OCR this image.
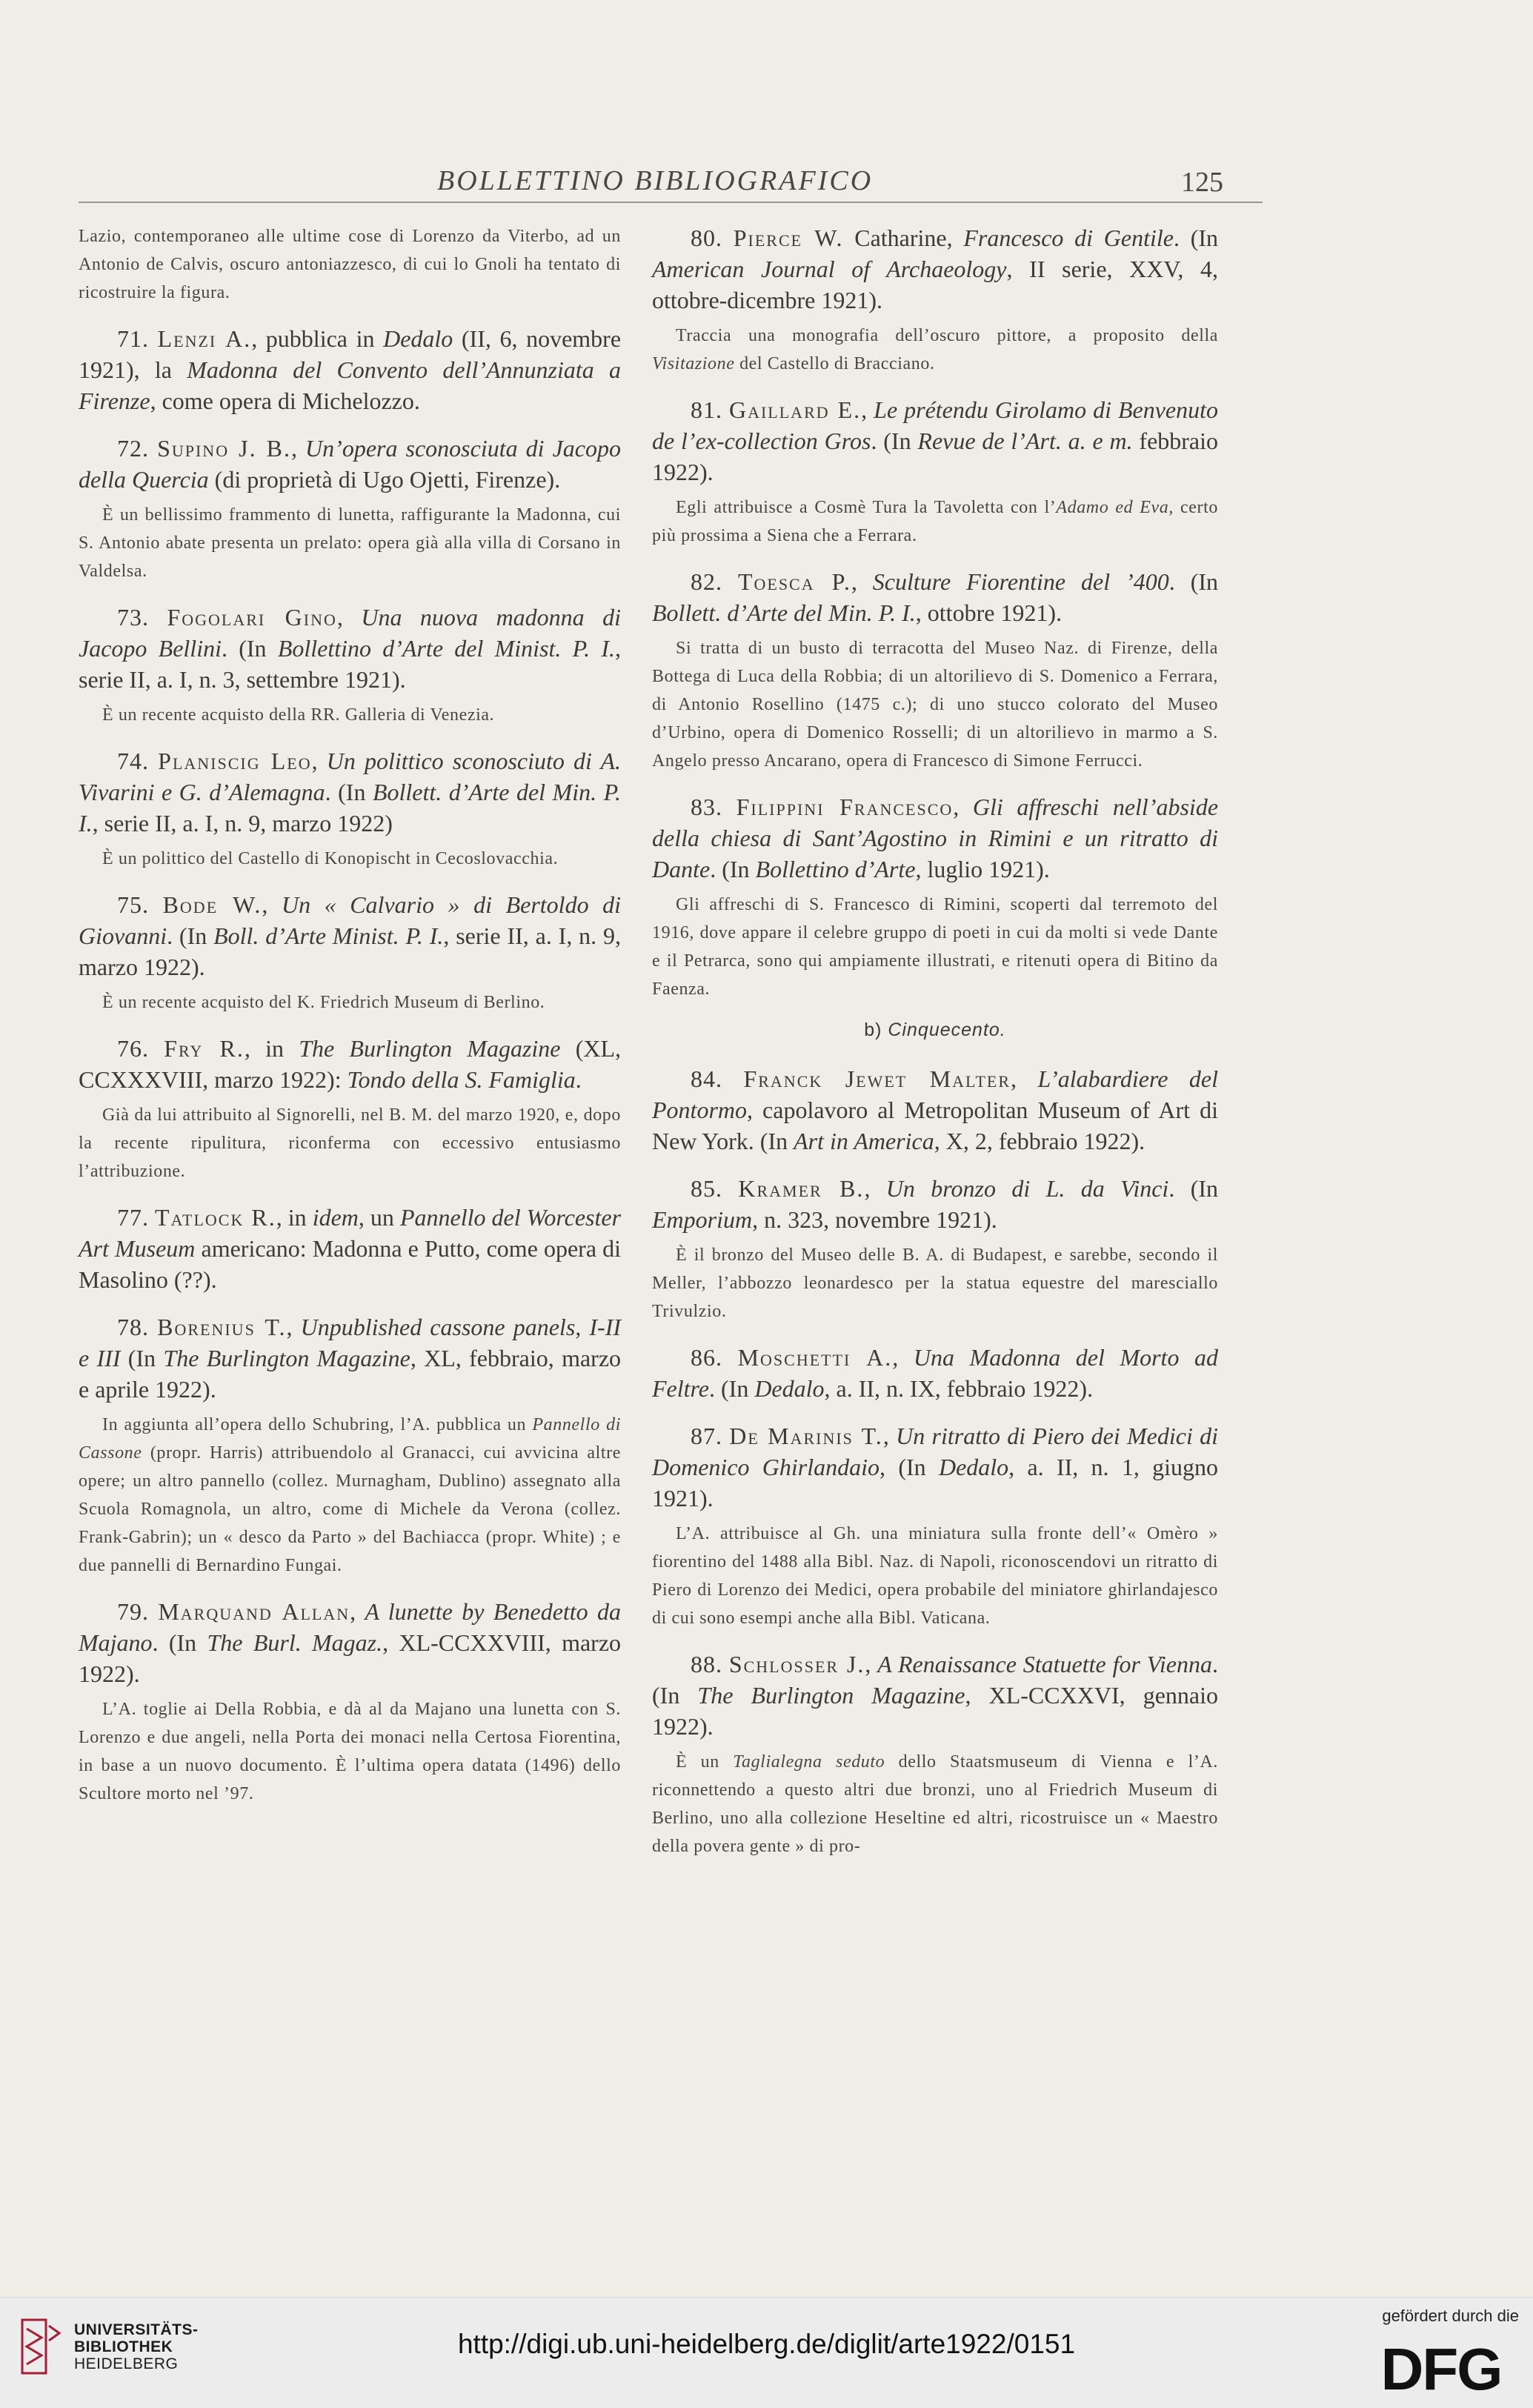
BOLLETTINO BIBLIOGRAFICO	125

Lazio, contemporaneo alle ultime cose di Lorenzo da Viterbo, ad un Antonio de Calvis, oscuro antoniazzesco, di cui lo Gnoli ha tentato di ricostruire la figura.

71. Lenzi A., pubblica in Dedalo (II, 6, novembre 1921), la Madonna del Convento dell’Annunziata a Firenze, come opera di Michelozzo.

72. Supino J. B., Un’opera sconosciuta di Jacopo della Quercia (di proprietà di Ugo Ojetti, Firenze).

È un bellissimo frammento di lunetta, raffigurante la Madonna, cui S. Antonio abate presenta un prelato: opera già alla villa di Corsano in Valdelsa.

73. Fogolari Gino, Una nuova madonna di Jacopo Bellini. (In Bollettino d’Arte del Minist. P. I., serie II, a. I, n. 3, settembre 1921).

È un recente acquisto della RR. Galleria di Venezia.

74. Planiscig Leo, Un polittico sconosciuto di A. Vivarini e G. d’Alemagna. (In Bollett. d’Arte del Min. P. I., serie II, a. I, n. 9, marzo 1922)

È un polittico del Castello di Konopischt in Cecoslovacchia.

75. Bode W., Un « Calvario » di Bertoldo di Giovanni. (In Boll. d’Arte Minist. P. I., serie II, a. I, n. 9, marzo 1922).

È un recente acquisto del K. Friedrich Museum di Berlino.

76. Fry R., in The Burlington Magazine (XL, CCXXXVIII, marzo 1922): Tondo della S. Famiglia.

Già da lui attribuito al Signorelli, nel B. M. del marzo 1920, e, dopo la recente ripulitura, riconferma con eccessivo entusiasmo l’attribuzione.

77. Tatlock R., in idem, un Pannello del Worcester Art Museum americano: Madonna e Putto, come opera di Masolino (??).

78. Borenius T., Unpublished cassone panels, I-II e III (In The Burlington Magazine, XL, febbraio, marzo e aprile 1922).

In aggiunta all’opera dello Schubring, l’A. pubblica un Pannello di Cassone (propr. Harris) attribuendolo al Granacci, cui avvicina altre opere; un altro pannello (collez. Murnagham, Dublino) assegnato alla Scuola Romagnola, un altro, come di Michele da Verona (collez. Frank-Gabrin); un « desco da Parto » del Bachiacca (propr. White) ; e due pannelli di Bernardino Fungai.

79. Marquand Allan, A lunette by Benedetto da Majano. (In The Burl. Magaz., XL-CCXXVIII, marzo 1922).

L’A. toglie ai Della Robbia, e dà al da Majano una lunetta con S. Lorenzo e due angeli, nella Porta dei monaci nella Certosa Fiorentina, in base a un nuovo documento. È l’ultima opera datata (1496) dello Scultore morto nel ’97.

80. Pierce W. Catharine, Francesco di Gentile. (In American Journal of Archaeology, II serie, XXV, 4, ottobre-dicembre 1921).

Traccia una monografia dell’oscuro pittore, a proposito della Visitazione del Castello di Bracciano.

81. Gaillard E., Le prétendu Girolamo di Benvenuto de l’ex-collection Gros. (In Revue de l’Art. a. e m. febbraio 1922).

Egli attribuisce a Cosmè Tura la Tavoletta con l’Adamo ed Eva, certo più prossima a Siena che a Ferrara.

82. Toesca P., Sculture Fiorentine del ’400. (In Bollett. d’Arte del Min. P. I., ottobre 1921).

Si tratta di un busto di terracotta del Museo Naz. di Firenze, della Bottega di Luca della Robbia; di un altorilievo di S. Domenico a Ferrara, di Antonio Rosellino (1475 c.); di uno stucco colorato del Museo d’Urbino, opera di Domenico Rosselli; di un altorilievo in marmo a S. Angelo presso Ancarano, opera di Francesco di Simone Ferrucci.

83. Filippini Francesco, Gli affreschi nell’abside della chiesa di Sant’Agostino in Rimini e un ritratto di Dante. (In Bollettino d’Arte, luglio 1921).

Gli affreschi di S. Francesco di Rimini, scoperti dal terremoto del 1916, dove appare il celebre gruppo di poeti in cui da molti si vede Dante e il Petrarca, sono qui ampiamente illustrati, e ritenuti opera di Bitino da Faenza.

b) Cinquecento.

84. Franck Jewet Malter, L’alabardiere del Pontormo, capolavoro al Metropolitan Museum of Art di New York. (In Art in America, X, 2, febbraio 1922).

85. Kramer B., Un bronzo di L. da Vinci. (In Emporium, n. 323, novembre 1921).

È il bronzo del Museo delle B. A. di Budapest, e sarebbe, secondo il Meller, l’abbozzo leonardesco per la statua equestre del maresciallo Trivulzio.

86. Moschetti A., Una Madonna del Morto ad Feltre. (In Dedalo, a. II, n. IX, febbraio 1922).

87. De Marinis T., Un ritratto di Piero dei Medici di Domenico Ghirlandaio, (In Dedalo, a. II, n. 1, giugno 1921).

L’A. attribuisce al Gh. una miniatura sulla fronte dell’« Omèro » fiorentino del 1488 alla Bibl. Naz. di Napoli, riconoscendovi un ritratto di Piero di Lorenzo dei Medici, opera probabile del miniatore ghirlandajesco di cui sono esempi anche alla Bibl. Vaticana.

88. Schlosser J., A Renaissance Statuette for Vienna. (In The Burlington Magazine, XL-CCXXVI, gennaio 1922).

È un Taglialegna seduto dello Staatsmuseum di Vienna e l’A. riconnettendo a questo altri due bronzi, uno al Friedrich Museum di Berlino, uno alla collezione Heseltine ed altri, ricostruisce un « Maestro della povera gente » di pro-

UNIVERSITÄTS-
BIBLIOTHEK
HEIDELBERG
http://digi.ub.uni-heidelberg.de/diglit/arte1922/0151
gefördert durch die
DFG
